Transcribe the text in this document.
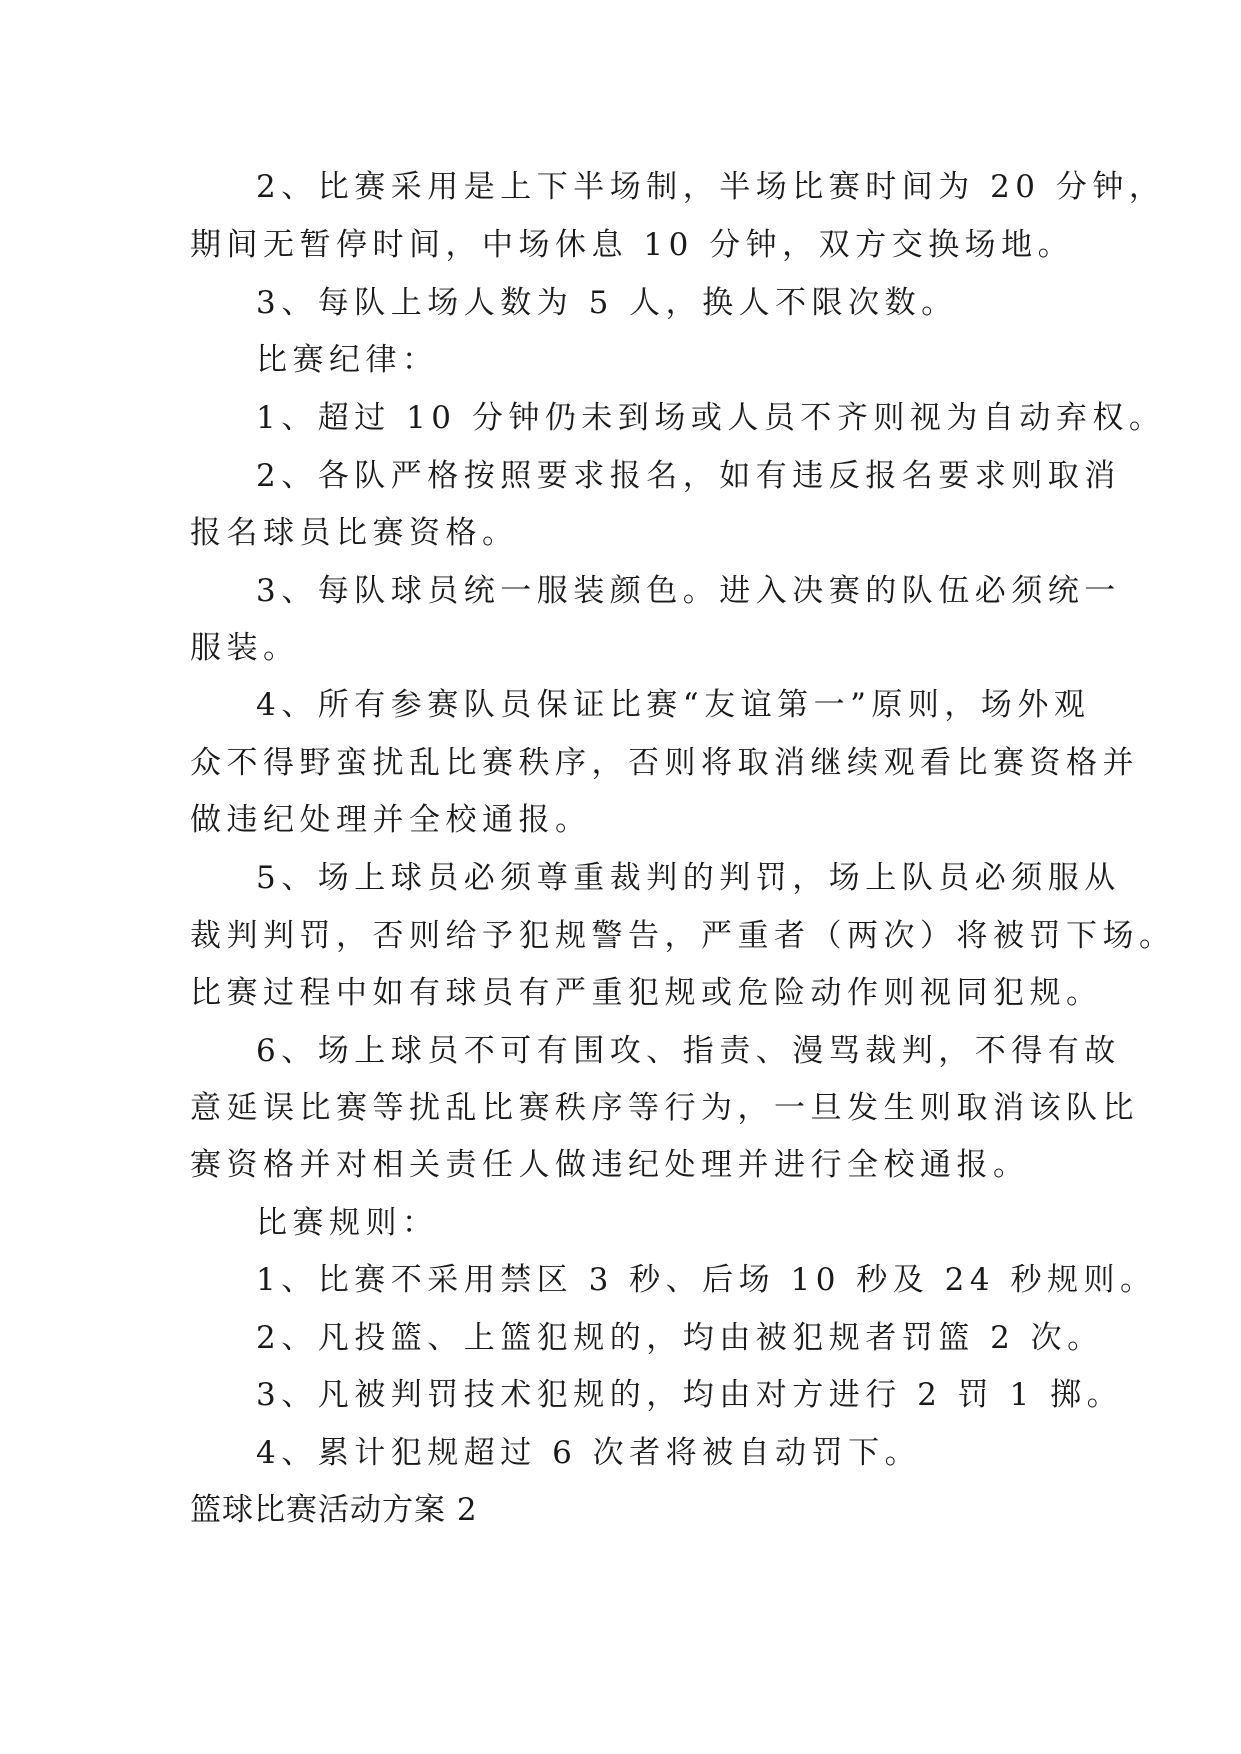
2、比赛采用是上下半场制，半场比赛时间为 20 分钟，
期间无暂停时间，中场休息 10 分钟，双方交换场地。
3、每队上场人数为 5 人，换人不限次数。
比赛纪律：
1、超过 10 分钟仍未到场或人员不齐则视为自动弃权。
2、各队严格按照要求报名，如有违反报名要求则取消
报名球员比赛资格。
3、每队球员统一服装颜色。进入决赛的队伍必须统一
服装。
4、所有参赛队员保证比赛“友谊第一”原则，场外观
众不得野蛮扰乱比赛秩序，否则将取消继续观看比赛资格并
做违纪处理并全校通报。
5、场上球员必须尊重裁判的判罚，场上队员必须服从
裁判判罚，否则给予犯规警告，严重者（两次）将被罚下场。
比赛过程中如有球员有严重犯规或危险动作则视同犯规。
6、场上球员不可有围攻、指责、漫骂裁判，不得有故
意延误比赛等扰乱比赛秩序等行为，一旦发生则取消该队比
赛资格并对相关责任人做违纪处理并进行全校通报。
比赛规则：
1、比赛不采用禁区 3 秒、后场 10 秒及 24 秒规则。
2、凡投篮、上篮犯规的，均由被犯规者罚篮 2 次。
3、凡被判罚技术犯规的，均由对方进行 2 罚 1 掷。
4、累计犯规超过 6 次者将被自动罚下。
篮球比赛活动方案 2
